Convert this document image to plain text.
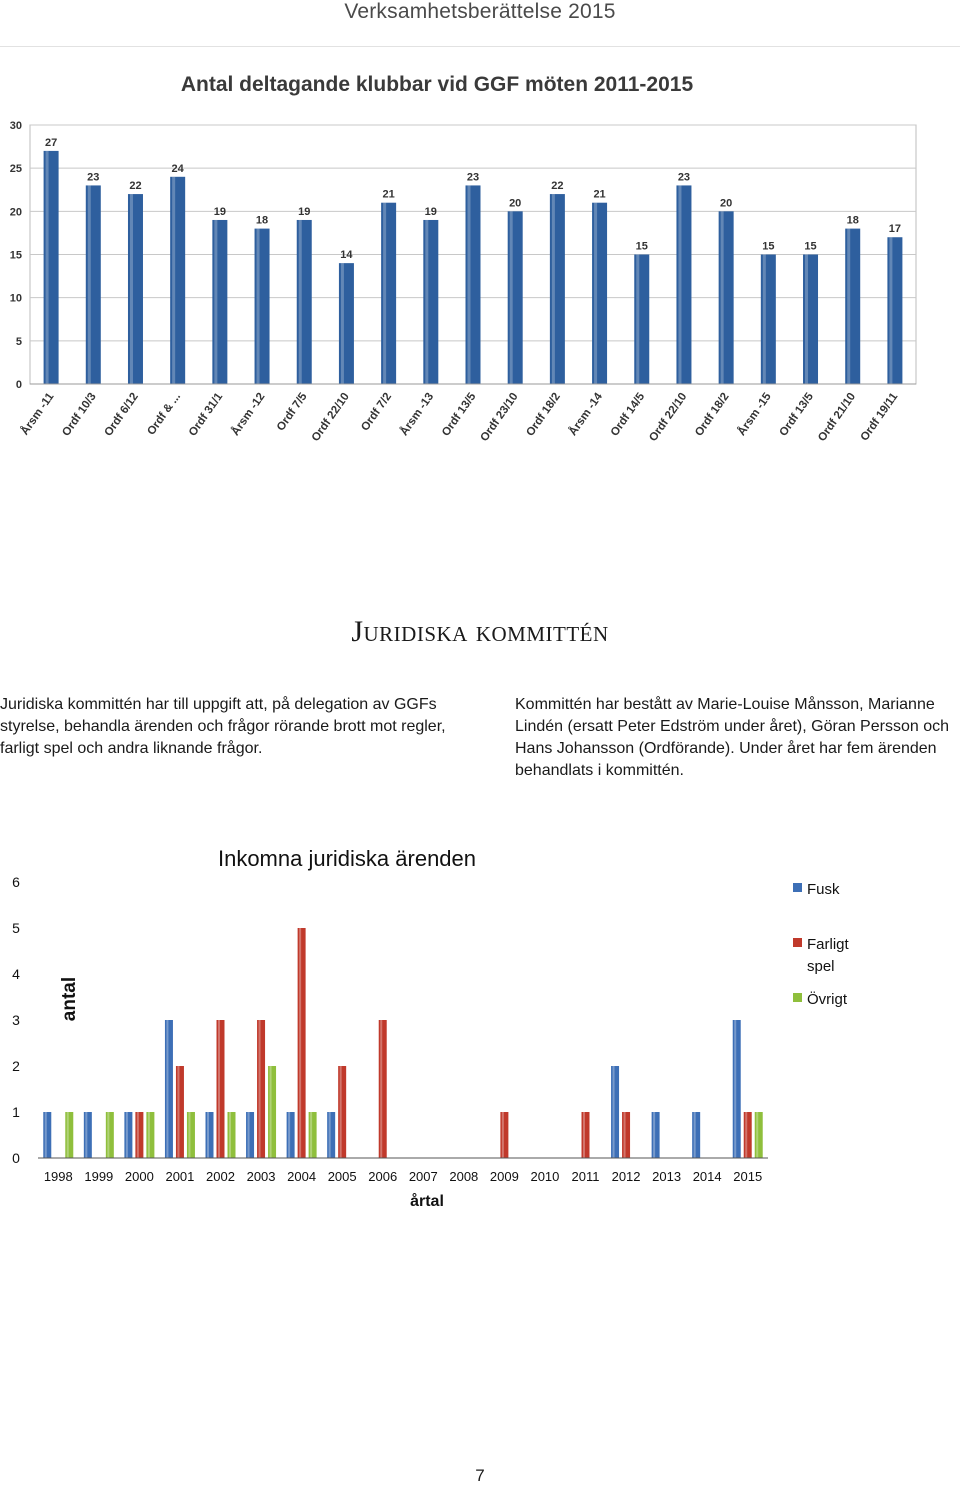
Verksamhetsberättelse 2015
Antal deltagande klubbar vid GGF möten 2011-2015
0
5
10
15
20
25
30
27
Årsm -11
23
Ordf 10/3
22
Ordf 6/12
24
Ordf & ...
19
Ordf 31/1
18
Årsm -12
19
Ordf 7/5
14
Ordf 22/10
21
Ordf 7/2
19
Årsm -13
23
Ordf 13/5
20
Ordf 23/10
22
Ordf 18/2
21
Årsm -14
15
Ordf 14/5
23
Ordf 22/10
20
Ordf 18/2
15
Årsm -15
15
Ordf 13/5
18
Ordf 21/10
17
Ordf 19/11
Juridiska kommittén
Juridiska kommittén har till uppgift att, på delegation av GGFs styrelse, behandla ärenden och frågor rörande brott mot regler, farligt spel och andra liknande frågor.
Kommittén har bestått av Marie-Louise Månsson, Marianne Lindén (ersatt Peter Edström under året), Göran Persson och Hans Johansson (Ordförande). Under året har fem ärenden behandlats i kommittén.
Inkomna juridiska ärenden
0
1
2
3
4
5
6
antal
1998 1999 2000 2001 2002 2003 2004 2005 2006 2007 2008 2009 2010 2011 2012 2013 2014 2015
årtal
Fusk
Farligt
spel
Övrigt
7
